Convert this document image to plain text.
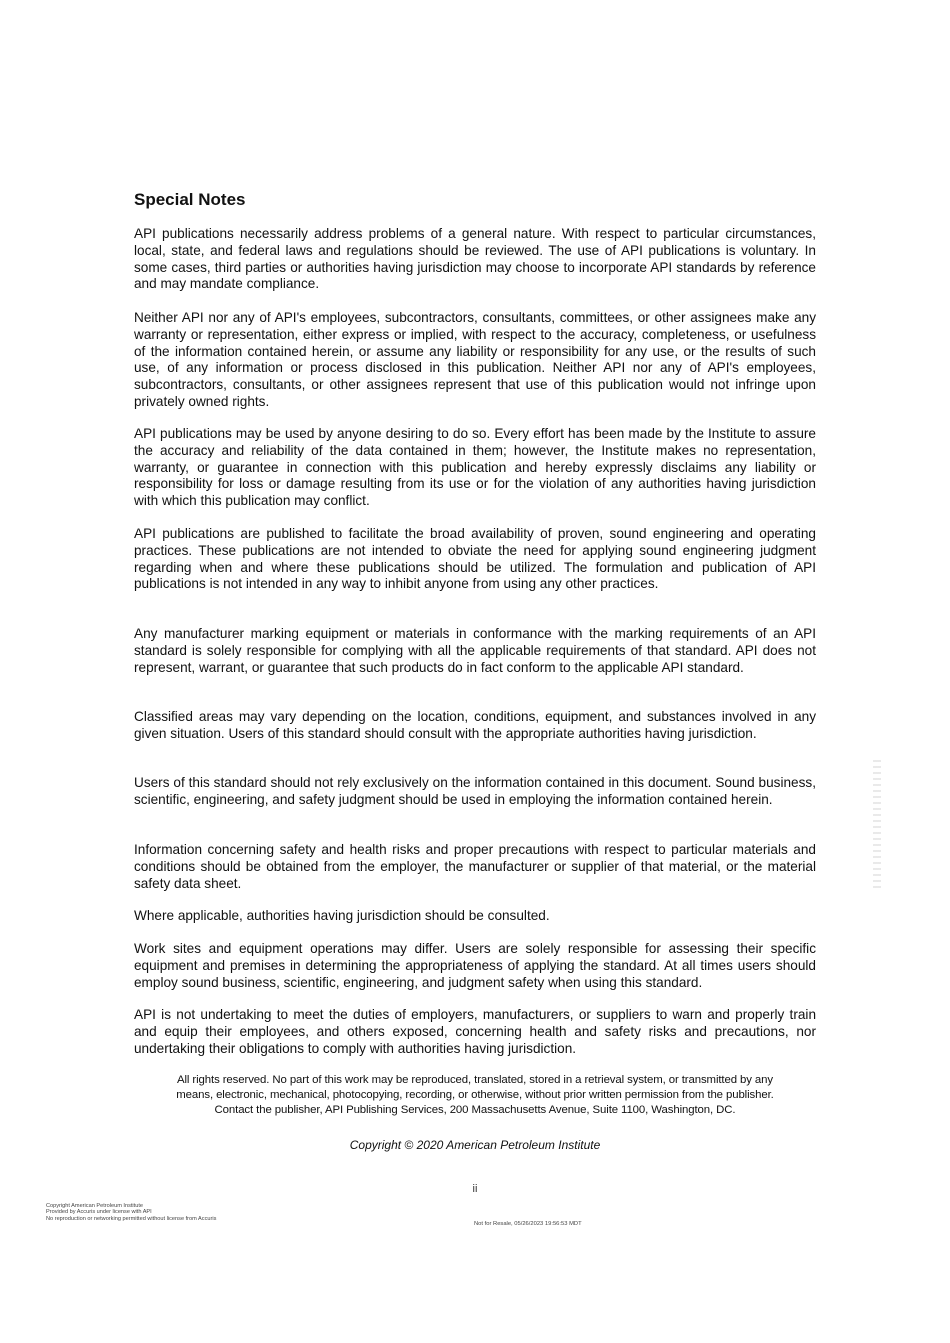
Special Notes

API publications necessarily address problems of a general nature. With respect to particular circumstances, local, state, and federal laws and regulations should be reviewed. The use of API publications is voluntary. In some cases, third parties or authorities having jurisdiction may choose to incorporate API standards by reference and may mandate compliance.

Neither API nor any of API's employees, subcontractors, consultants, committees, or other assignees make any warranty or representation, either express or implied, with respect to the accuracy, completeness, or usefulness of the information contained herein, or assume any liability or responsibility for any use, or the results of such use, of any information or process disclosed in this publication. Neither API nor any of API's employees, subcontractors, consultants, or other assignees represent that use of this publication would not infringe upon privately owned rights.

API publications may be used by anyone desiring to do so. Every effort has been made by the Institute to assure the accuracy and reliability of the data contained in them; however, the Institute makes no representation, warranty, or guarantee in connection with this publication and hereby expressly disclaims any liability or responsibility for loss or damage resulting from its use or for the violation of any authorities having jurisdiction with which this publication may conflict.

API publications are published to facilitate the broad availability of proven, sound engineering and operating practices. These publications are not intended to obviate the need for applying sound engineering judgment regarding when and where these publications should be utilized. The formulation and publication of API publications is not intended in any way to inhibit anyone from using any other practices.

Any manufacturer marking equipment or materials in conformance with the marking requirements of an API standard is solely responsible for complying with all the applicable requirements of that standard. API does not represent, warrant, or guarantee that such products do in fact conform to the applicable API standard.

Classified areas may vary depending on the location, conditions, equipment, and substances involved in any given situation. Users of this standard should consult with the appropriate authorities having jurisdiction.

Users of this standard should not rely exclusively on the information contained in this document. Sound business, scientific, engineering, and safety judgment should be used in employing the information contained herein.

Information concerning safety and health risks and proper precautions with respect to particular materials and conditions should be obtained from the employer, the manufacturer or supplier of that material, or the material safety data sheet.

Where applicable, authorities having jurisdiction should be consulted.

Work sites and equipment operations may differ. Users are solely responsible for assessing their specific equipment and premises in determining the appropriateness of applying the standard. At all times users should employ sound business, scientific, engineering, and judgment safety when using this standard.

API is not undertaking to meet the duties of employers, manufacturers, or suppliers to warn and properly train and equip their employees, and others exposed, concerning health and safety risks and precautions, nor undertaking their obligations to comply with authorities having jurisdiction.

All rights reserved. No part of this work may be reproduced, translated, stored in a retrieval system, or transmitted by any
means, electronic, mechanical, photocopying, recording, or otherwise, without prior written permission from the publisher.
Contact the publisher, API Publishing Services, 200 Massachusetts Avenue, Suite 1100, Washington, DC.

Copyright © 2020 American Petroleum Institute

ii
Copyright American Petroleum Institute
Provided by Accuris under license with API
No reproduction or networking permitted without license from Accuris
Not for Resale, 05/26/2023 19:56:53 MDT
